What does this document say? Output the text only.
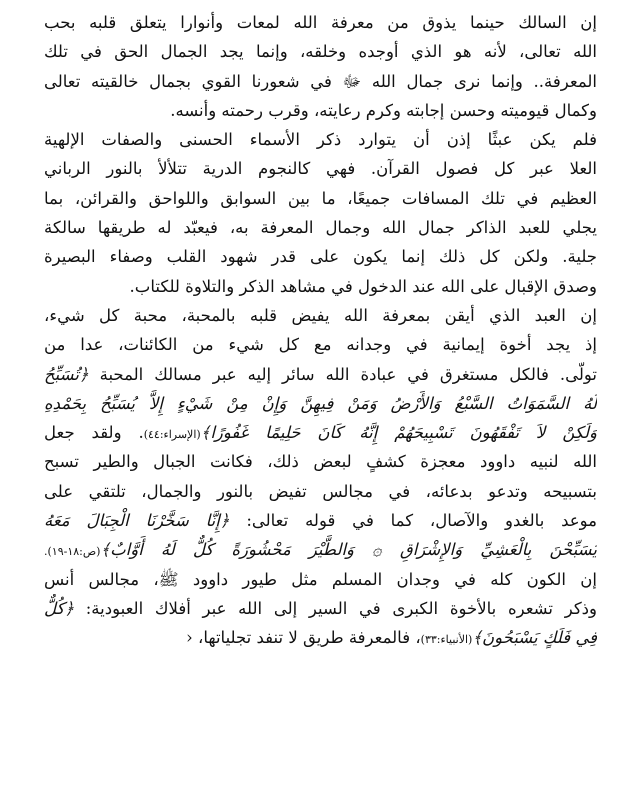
إن السالك حينما يذوق من معرفة الله لمعات وأنوارا يتعلق قلبه بحب
الله تعالى، لأنه هو الذي أوجده وخلقه، وإنما يجد الجمال الحق في تلك
المعرفة.. وإنما نرى جمال الله ﷻ في شعورنا القوي بجمال خالقيته تعالى
وكمال قيوميته وحسن إجابته وكرم رعايته، وقرب رحمته وأنسه.
فلم يكن عبثًا إذن أن يتوارد ذكر الأسماء الحسنى والصفات الإلهية
العلا عبر كل فصول القرآن. فهي كالنجوم الدرية تتلألأ بالنور الرباني
العظيم في تلك المسافات جميعًا، ما بين السوابق واللواحق والقرائن، بما
يجلي للعبد الذاكر جمال الله وجمال المعرفة به، فيعبّد له طريقها سالكة
جلية. ولكن كل ذلك إنما يكون على قدر شهود القلب وصفاء البصيرة
وصدق الإقبال على الله عند الدخول في مشاهد الذكر والتلاوة للكتاب.
إن العبد الذي أيقن بمعرفة الله يفيض قلبه بالمحبة، محبة كل شيء،
إذ يجد أخوة إيمانية في وجدانه مع كل شيء من الكائنات، عدا من
تولّى. فالكل مستغرق في عبادة الله سائر إليه عبر مسالك المحبة ﴿تُسَبِّحُ
لَهُ السَّمَوَاتُ السَّبْعُ وَالأَرْضُ وَمَنْ فِيهِنَّ وَإِنْ مِنْ شَيْءٍ إِلاَّ يُسَبِّحُ بِحَمْدِهِ
وَلَكِنْ لاَ تَفْقَهُونَ تَسْبِيحَهُمْ إِنَّهُ كَانَ حَلِيمًا غَفُورًا﴾(الإسراء:٤٤). ولقد جعل
الله لنبيه داوود معجزة كشفٍ لبعض ذلك، فكانت الجبال والطير تسبح
بتسبيحه وتدعو بدعائه، في مجالس تفيض بالنور والجمال، تلتقي على
موعد بالغدو والآصال، كما في قوله تعالى: ﴿إِنَّا سَخَّرْنَا الْجِبَالَ مَعَهُ
يُسَبِّحْنَ بِالْعَشِيِّ وَالإِشْرَاقِ ۞ وَالطَّيْرَ مَحْشُورَةً كُلٌّ لَهُ أَوَّابٌ﴾(ص:١٨-١٩).
إن الكون كله في وجدان المسلم مثل طيور داوود ﷺ، مجالس أنس
وذكر تشعره بالأخوة الكبرى في السير إلى الله عبر أفلاك العبودية: ﴿كُلٌّ
فِي فَلَكٍ يَسْبَحُونَ﴾(الأنبياء:٣٣)، فالمعرفة طريق لا تنفد تجلياتها، ‹
